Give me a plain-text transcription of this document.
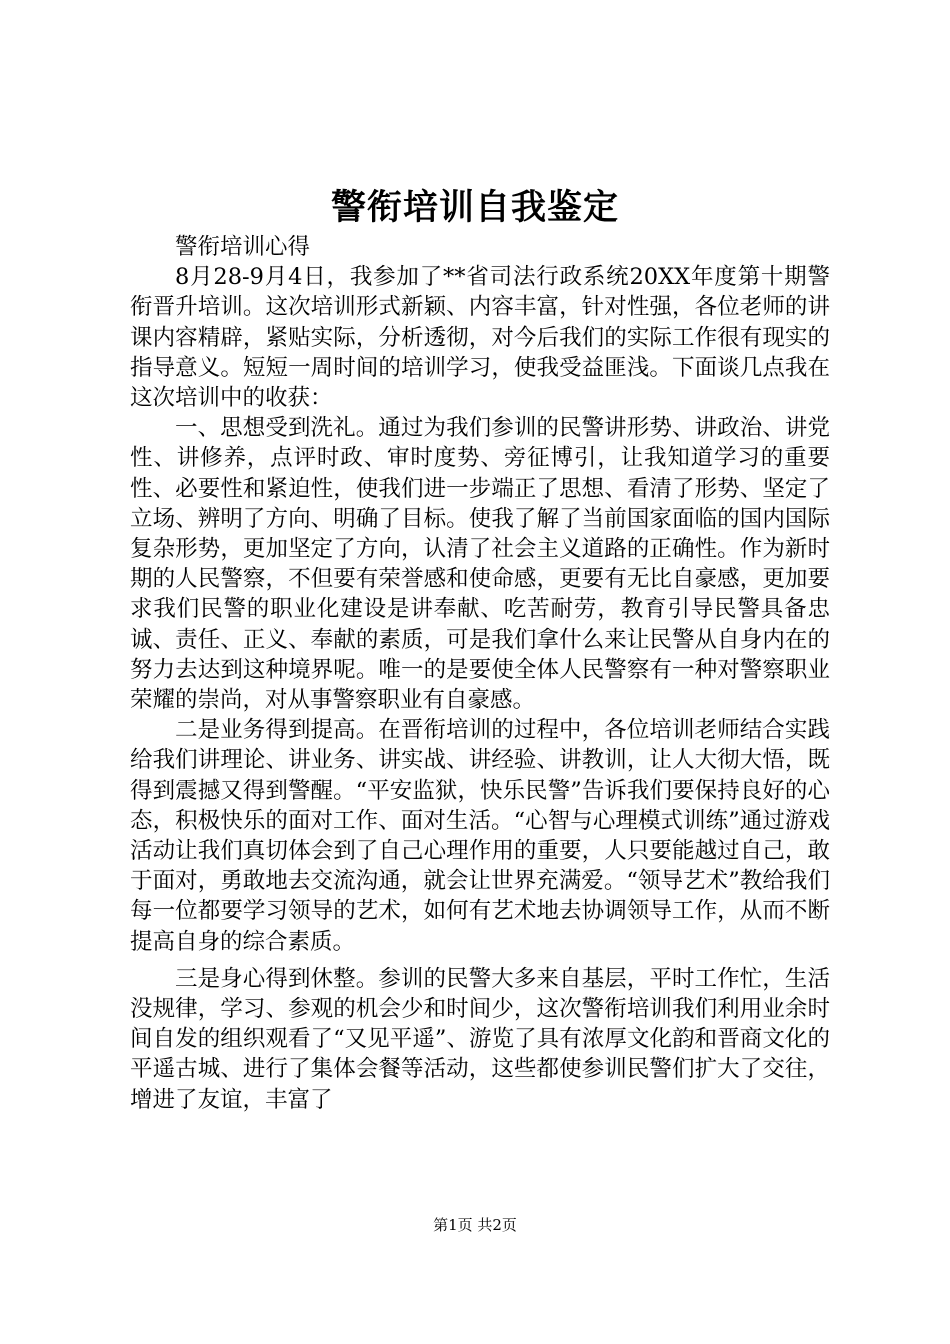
警衔培训自我鉴定

警衔培训心得

8月28-9月4日，我参加了**省司法行政系统20XX年度第十期警衔晋升培训。这次培训形式新颖、内容丰富，针对性强，各位老师的讲课内容精辟，紧贴实际，分析透彻，对今后我们的实际工作很有现实的指导意义。短短一周时间的培训学习，使我受益匪浅。下面谈几点我在这次培训中的收获：

一、思想受到洗礼。通过为我们参训的民警讲形势、讲政治、讲党性、讲修养，点评时政、审时度势、旁征博引，让我知道学习的重要性、必要性和紧迫性，使我们进一步端正了思想、看清了形势、坚定了立场、辨明了方向、明确了目标。使我了解了当前国家面临的国内国际复杂形势，更加坚定了方向，认清了社会主义道路的正确性。作为新时期的人民警察，不但要有荣誉感和使命感，更要有无比自豪感，更加要求我们民警的职业化建设是讲奉献、吃苦耐劳，教育引导民警具备忠诚、责任、正义、奉献的素质，可是我们拿什么来让民警从自身内在的努力去达到这种境界呢。唯一的是要使全体人民警察有一种对警察职业荣耀的崇尚，对从事警察职业有自豪感。

二是业务得到提高。在晋衔培训的过程中，各位培训老师结合实践给我们讲理论、讲业务、讲实战、讲经验、讲教训，让人大彻大悟，既得到震撼又得到警醒。“平安监狱，快乐民警”告诉我们要保持良好的心态，积极快乐的面对工作、面对生活。“心智与心理模式训练”通过游戏活动让我们真切体会到了自己心理作用的重要，人只要能越过自己，敢于面对，勇敢地去交流沟通，就会让世界充满爱。“领导艺术”教给我们每一位都要学习领导的艺术，如何有艺术地去协调领导工作，从而不断提高自身的综合素质。

三是身心得到休整。参训的民警大多来自基层，平时工作忙，生活没规律，学习、参观的机会少和时间少，这次警衔培训我们利用业余时间自发的组织观看了“又见平遥”、游览了具有浓厚文化韵和晋商文化的平遥古城、进行了集体会餐等活动，这些都使参训民警们扩大了交往，增进了友谊，丰富了

第1页 共2页
